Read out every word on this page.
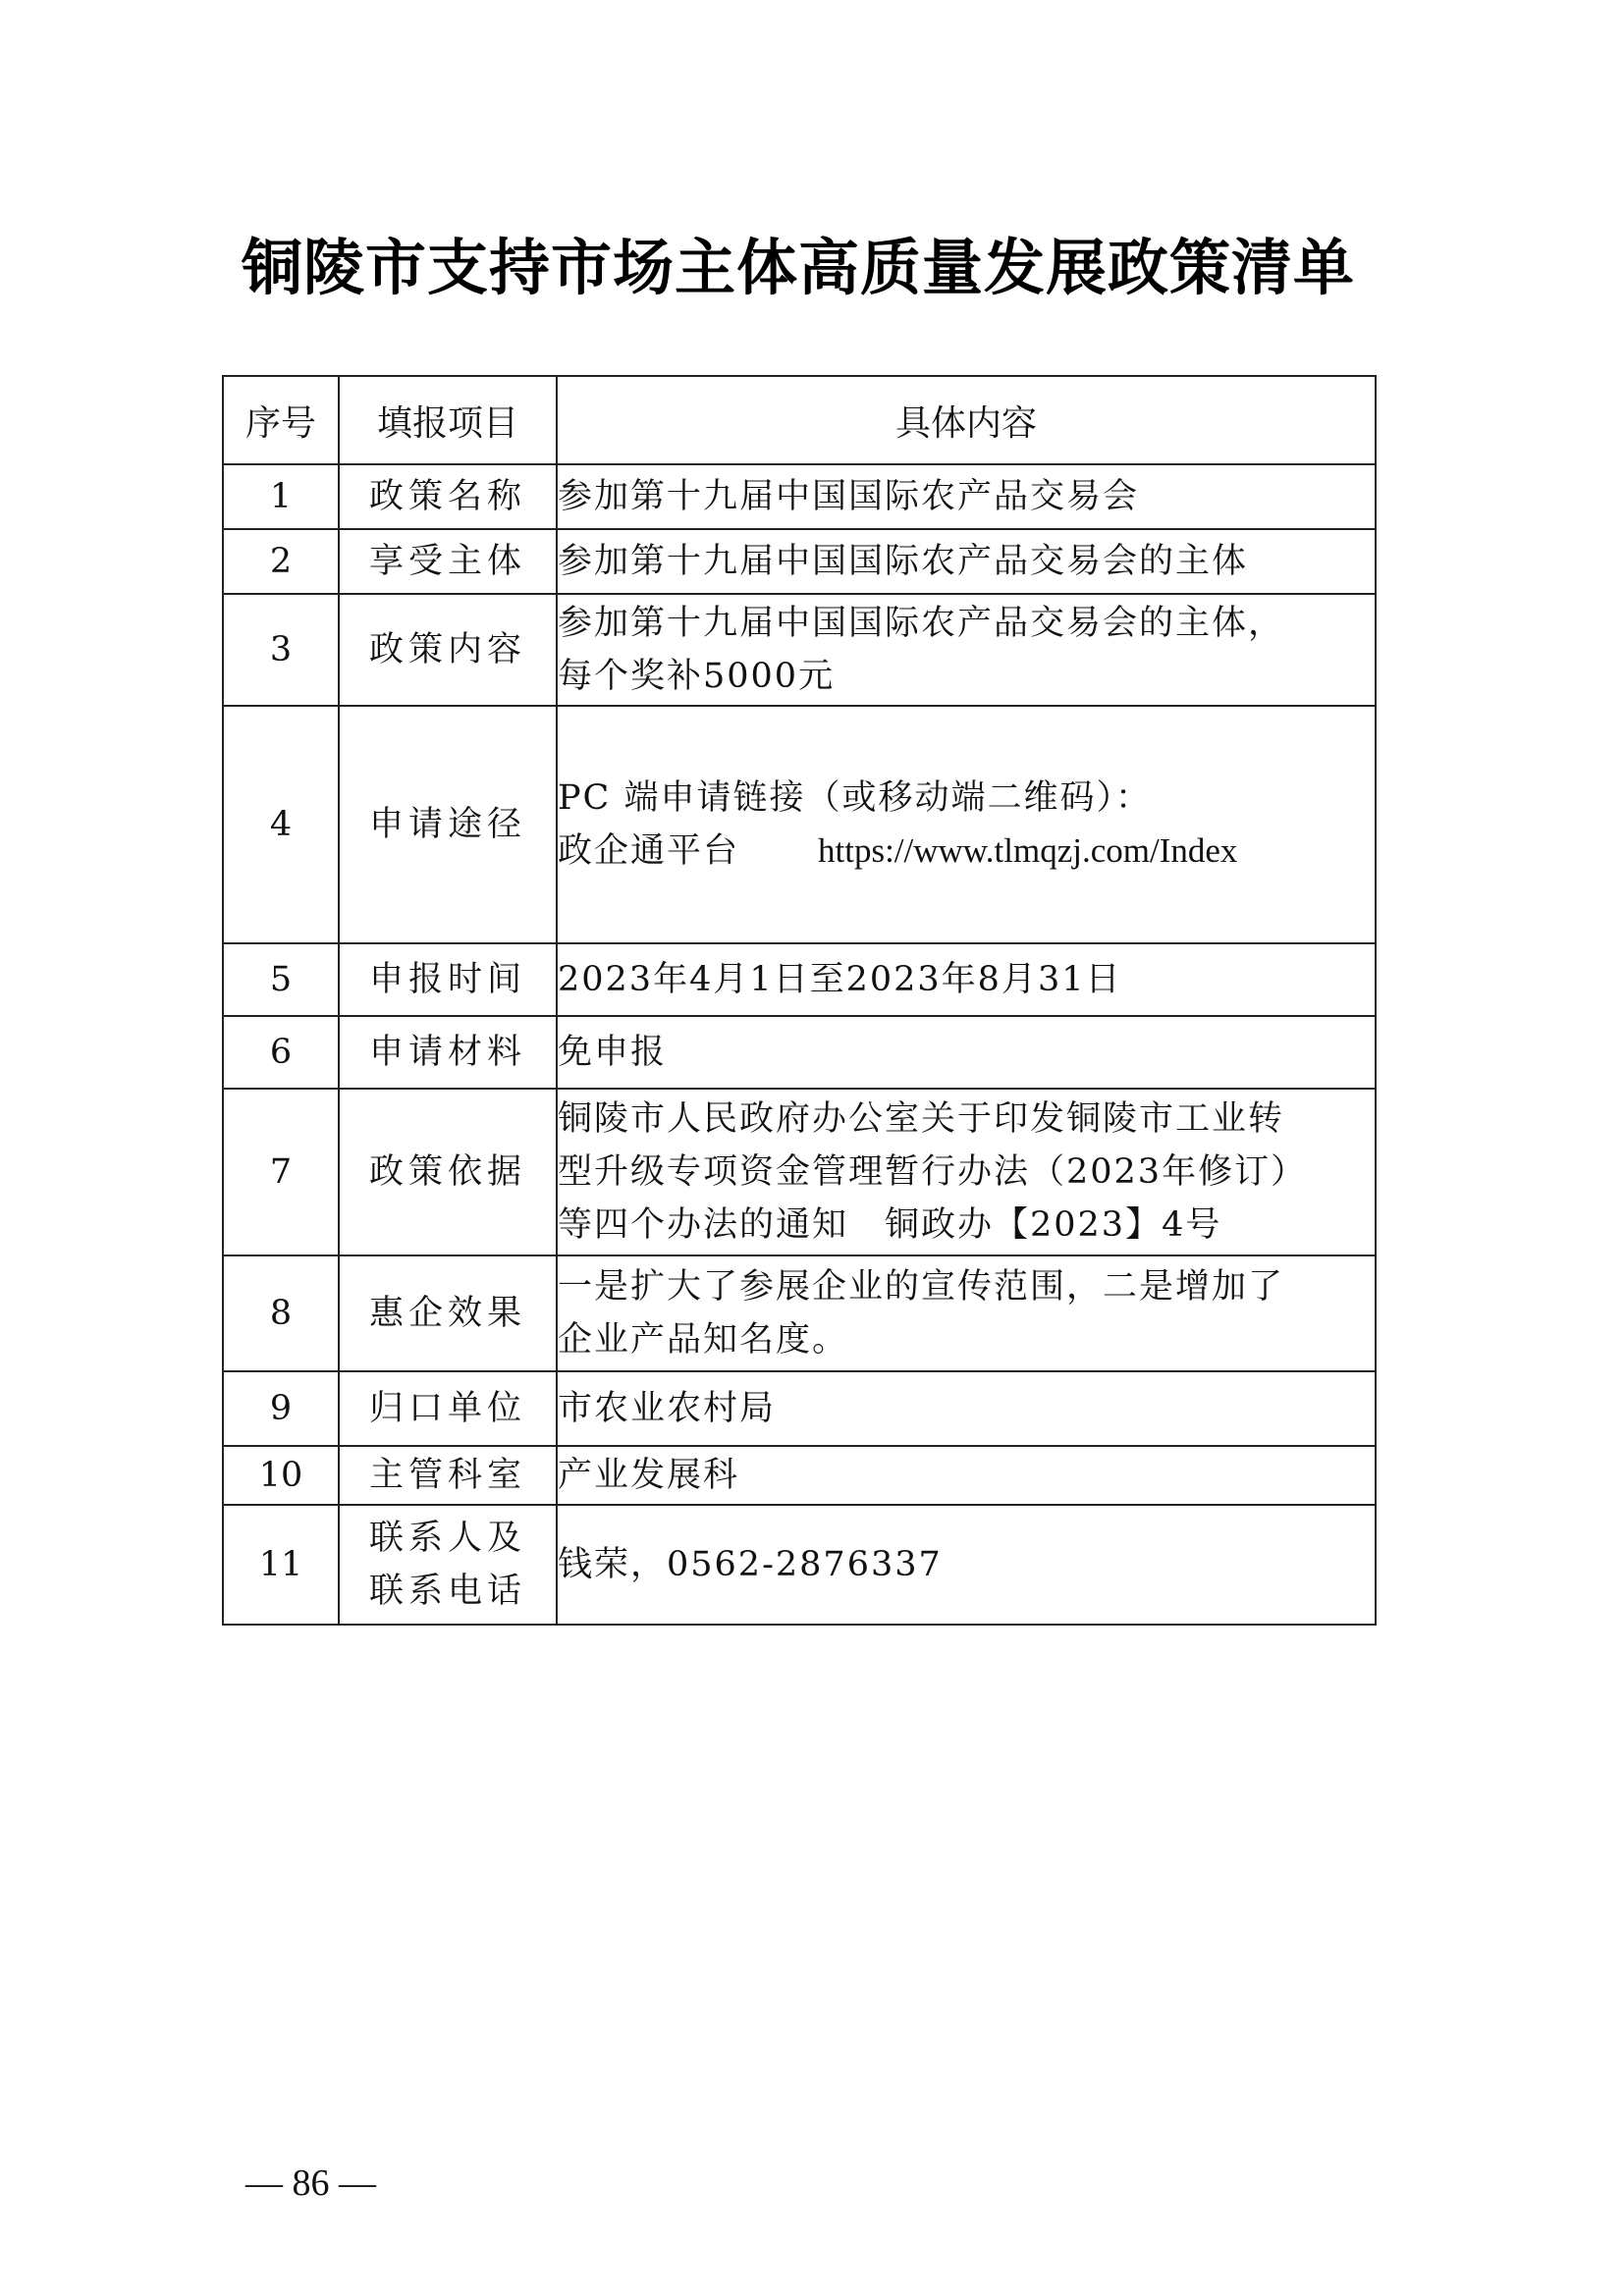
铜陵市支持市场主体高质量发展政策清单
序号	填报项目	具体内容
1	政策名称	参加第十九届中国国际农产品交易会

2	享受主体	参加第十九届中国国际农产品交易会的主体

3	政策内容	参加第十九届中国国际农产品交易会的主体，
每个奖补5000元

4	申请途径	PC 端申请链接（或移动端二维码）：
政企通平台 https://www.tlmqzj.com/Index

5	申报时间	2023年4月1日至2023年8月31日

6	申请材料	免申报

7	政策依据	铜陵市人民政府办公室关于印发铜陵市工业转
型升级专项资金管理暂行办法（2023年修订）
等四个办法的通知　铜政办【2023】4号

8	惠企效果	一是扩大了参展企业的宣传范围，二是增加了
企业产品知名度。

9	归口单位	市农业农村局

10	主管科室	产业发展科

11	联系人及
联系电话	钱荣，0562-2876337
— 86 —
